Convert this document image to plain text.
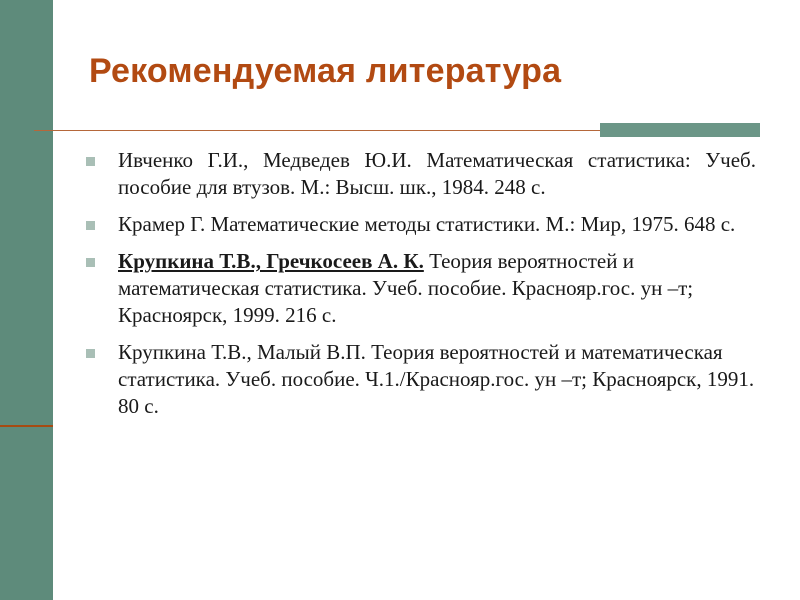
Рекомендуемая литература
Ивченко Г.И., Медведев Ю.И. Математическая статистика: Учеб. пособие для втузов. М.: Высш. шк., 1984. 248 с.
Крамер Г. Математические методы статистики. М.: Мир, 1975. 648 с.
Крупкина Т.В., Гречкосеев А. К. Теория вероятностей и математическая статистика. Учеб. пособие. Краснояр.гос. ун –т; Красноярск, 1999. 216 с.
Крупкина Т.В., Малый В.П. Теория вероятностей и математическая статистика. Учеб. пособие. Ч.1./Краснояр.гос. ун –т; Красноярск, 1991. 80 с.
